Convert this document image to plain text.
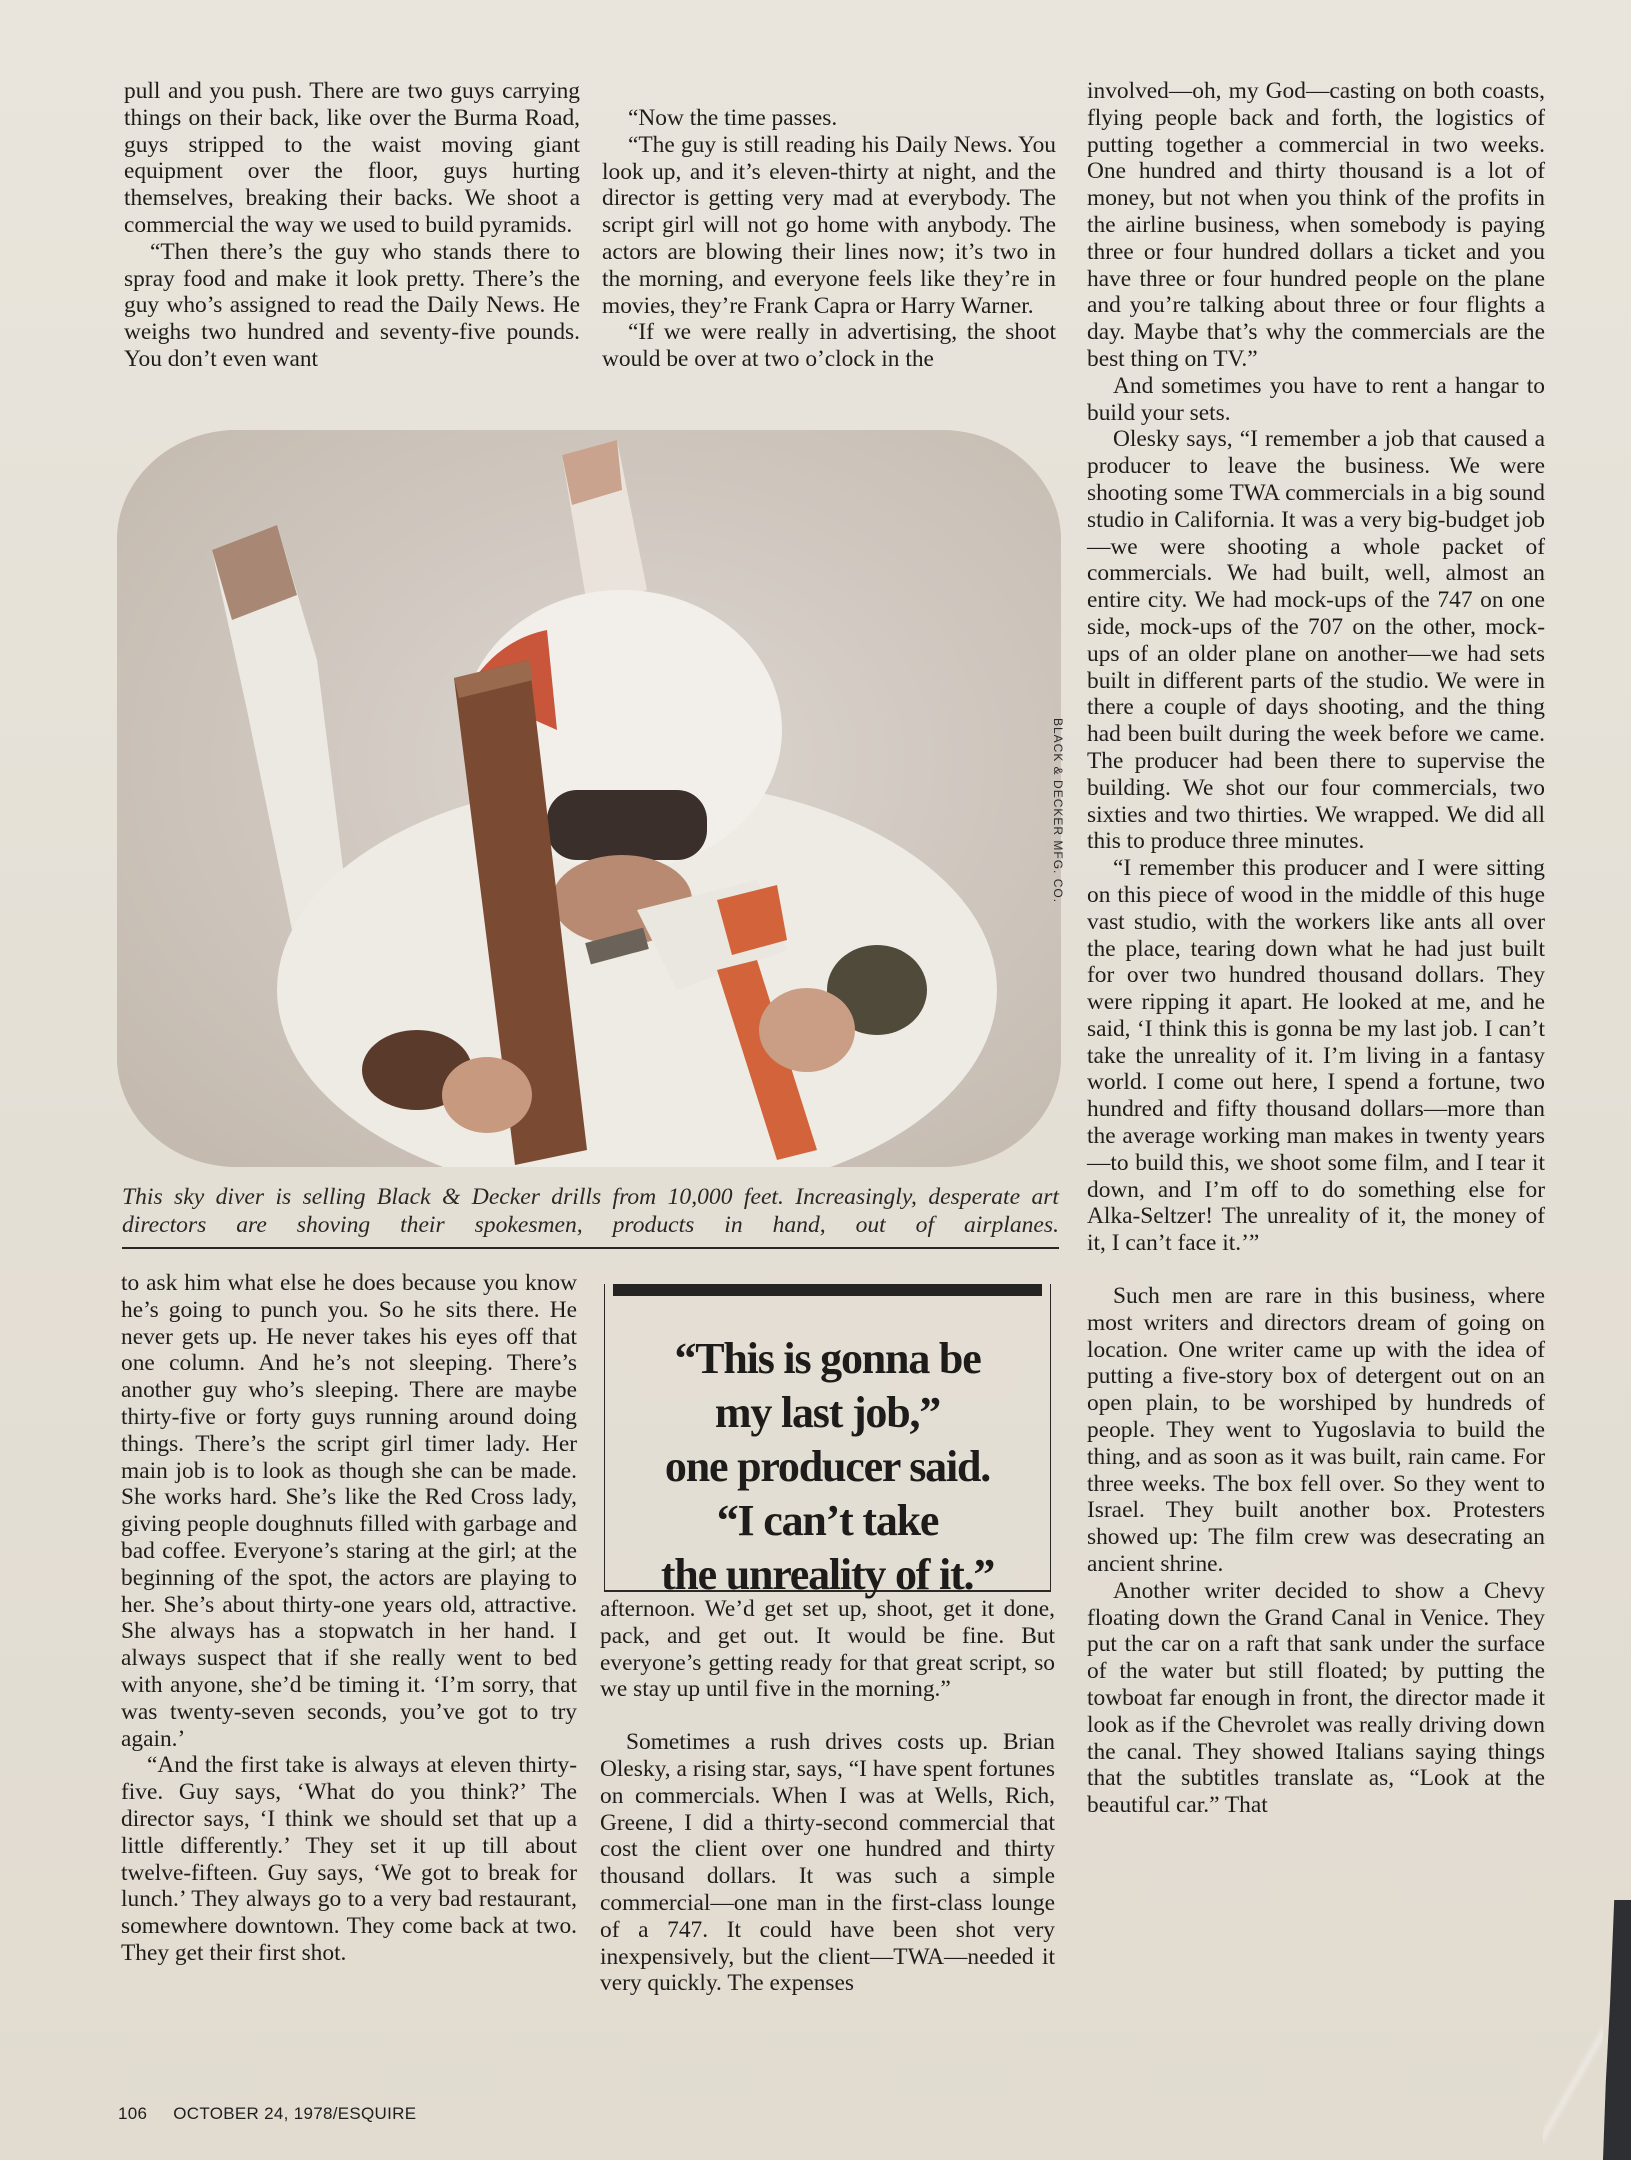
pull and you push. There are two guys carrying things on their back, like over the Burma Road, guys stripped to the waist moving giant equipment over the floor, guys hurting themselves, breaking their backs. We shoot a commercial the way we used to build pyramids.

“Then there’s the guy who stands there to spray food and make it look pretty. There’s the guy who’s assigned to read the Daily News. He weighs two hundred and seventy-five pounds. You don’t even want

“Now the time passes.

“The guy is still reading his Daily News. You look up, and it’s eleven-thirty at night, and the director is getting very mad at everybody. The script girl will not go home with anybody. The actors are blowing their lines now; it’s two in the morning, and everyone feels like they’re in movies, they’re Frank Capra or Harry Warner.

“If we were really in advertising, the shoot would be over at two o’clock in the

involved—oh, my God—casting on both coasts, flying people back and forth, the logistics of putting together a commercial in two weeks. One hundred and thirty thousand is a lot of money, but not when you think of the profits in the airline business, when somebody is paying three or four hundred dollars a ticket and you have three or four hundred people on the plane and you’re talking about three or four flights a day. Maybe that’s why the commercials are the best thing on TV.”

And sometimes you have to rent a hangar to build your sets.

Olesky says, “I remember a job that caused a producer to leave the business. We were shooting some TWA commercials in a big sound studio in California. It was a very big-budget job—we were shooting a whole packet of commercials. We had built, well, almost an entire city. We had mock-ups of the 747 on one side, mock-ups of the 707 on the other, mock-ups of an older plane on another—we had sets built in different parts of the studio. We were in there a couple of days shooting, and the thing had been built during the week before we came. The producer had been there to supervise the building. We shot our four commercials, two sixties and two thirties. We wrapped. We did all this to produce three minutes.

“I remember this producer and I were sitting on this piece of wood in the middle of this huge vast studio, with the workers like ants all over the place, tearing down what he had just built for over two hundred thousand dollars. They were ripping it apart. He looked at me, and he said, ‘I think this is gonna be my last job. I can’t take the unreality of it. I’m living in a fantasy world. I come out here, I spend a fortune, two hundred and fifty thousand dollars—more than the average working man makes in twenty years—to build this, we shoot some film, and I tear it down, and I’m off to do something else for Alka-Seltzer! The unreality of it, the money of it, I can’t face it.’”

Such men are rare in this business, where most writers and directors dream of going on location. One writer came up with the idea of putting a five-story box of detergent out on an open plain, to be worshiped by hundreds of people. They went to Yugoslavia to build the thing, and as soon as it was built, rain came. For three weeks. The box fell over. So they went to Israel. They built another box. Protesters showed up: The film crew was desecrating an ancient shrine.

Another writer decided to show a Chevy floating down the Grand Canal in Venice. They put the car on a raft that sank under the surface of the water but still floated; by putting the towboat far enough in front, the director made it look as if the Chevrolet was really driving down the canal. They showed Italians saying things that the subtitles translate as, “Look at the beautiful car.” That

BLACK & DECKER MFG. CO.
This sky diver is selling Black & Decker drills from 10,000 feet. Increasingly, desperate art directors are shoving their spokesmen, products in hand, out of airplanes.

to ask him what else he does because you know he’s going to punch you. So he sits there. He never gets up. He never takes his eyes off that one column. And he’s not sleeping. There’s another guy who’s sleeping. There are maybe thirty-five or forty guys running around doing things. There’s the script girl timer lady. Her main job is to look as though she can be made. She works hard. She’s like the Red Cross lady, giving people doughnuts filled with garbage and bad coffee. Everyone’s staring at the girl; at the beginning of the spot, the actors are playing to her. She’s about thirty-one years old, attractive. She always has a stopwatch in her hand. I always suspect that if she really went to bed with anyone, she’d be timing it. ‘I’m sorry, that was twenty-seven seconds, you’ve got to try again.’

“And the first take is always at eleven thirty-five. Guy says, ‘What do you think?’ The director says, ‘I think we should set that up a little differently.’ They set it up till about twelve-fifteen. Guy says, ‘We got to break for lunch.’ They always go to a very bad restaurant, somewhere downtown. They come back at two. They get their first shot.

“This is gonna be
my last job,”
one producer said.
“I can’t take
the unreality of it.”

afternoon. We’d get set up, shoot, get it done, pack, and get out. It would be fine. But everyone’s getting ready for that great script, so we stay up until five in the morning.”

Sometimes a rush drives costs up. Brian Olesky, a rising star, says, “I have spent fortunes on commercials. When I was at Wells, Rich, Greene, I did a thirty-second commercial that cost the client over one hundred and thirty thousand dollars. It was such a simple commercial—one man in the first-class lounge of a 747. It could have been shot very inexpensively, but the client—TWA—needed it very quickly. The expenses

106 OCTOBER 24, 1978/ESQUIRE
